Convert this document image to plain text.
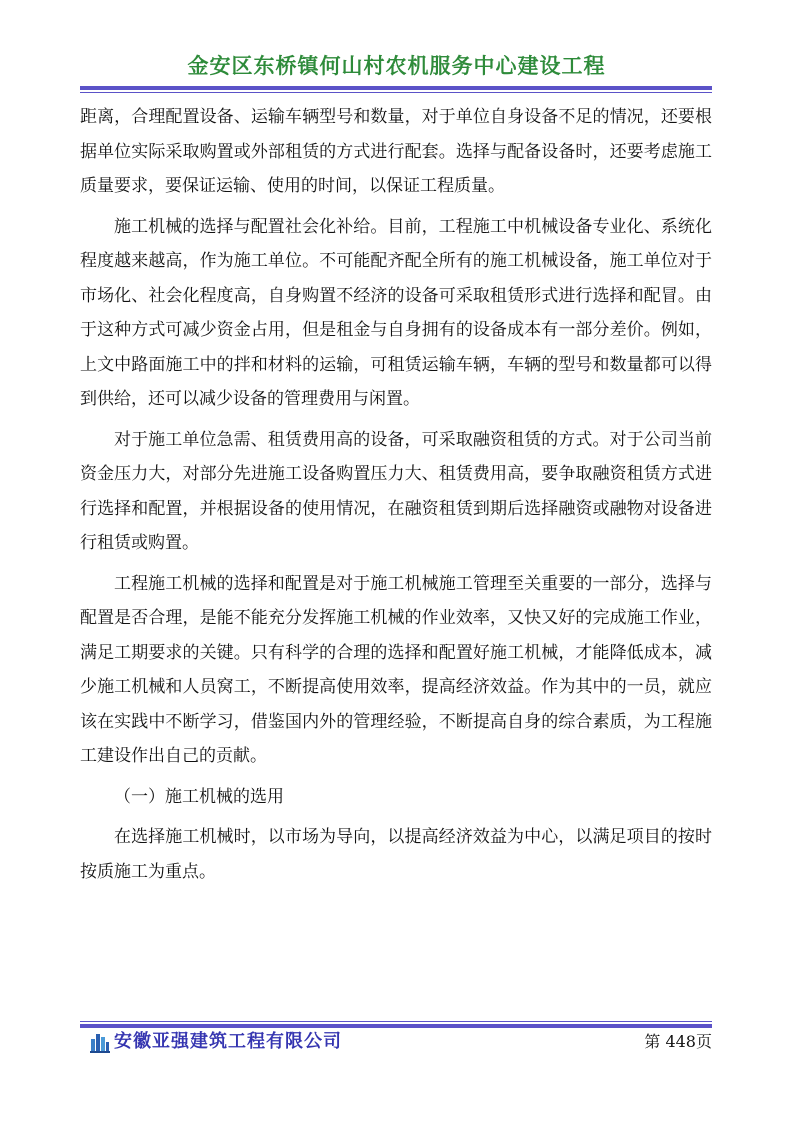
金安区东桥镇何山村农机服务中心建设工程

距离，合理配置设备、运输车辆型号和数量，对于单位自身设备不足的情况，还要根据单位实际采取购置或外部租赁的方式进行配套。选择与配备设备时，还要考虑施工质量要求，要保证运输、使用的时间，以保证工程质量。

施工机械的选择与配置社会化补给。目前，工程施工中机械设备专业化、系统化程度越来越高，作为施工单位。不可能配齐配全所有的施工机械设备，施工单位对于市场化、社会化程度高，自身购置不经济的设备可采取租赁形式进行选择和配冒。由于这种方式可减少资金占用，但是租金与自身拥有的设备成本有一部分差价。例如，上文中路面施工中的拌和材料的运输，可租赁运输车辆，车辆的型号和数量都可以得到供给，还可以减少设备的管理费用与闲置。

对于施工单位急需、租赁费用高的设备，可采取融资租赁的方式。对于公司当前资金压力大，对部分先进施工设备购置压力大、租赁费用高，要争取融资租赁方式进行选择和配置，并根据设备的使用情况，在融资租赁到期后选择融资或融物对设备进行租赁或购置。

工程施工机械的选择和配置是对于施工机械施工管理至关重要的一部分，选择与配置是否合理，是能不能充分发挥施工机械的作业效率，又快又好的完成施工作业，满足工期要求的关键。只有科学的合理的选择和配置好施工机械，才能降低成本，减少施工机械和人员窝工，不断提高使用效率，提高经济效益。作为其中的一员，就应该在实践中不断学习，借鉴国内外的管理经验，不断提高自身的综合素质，为工程施工建设作出自己的贡献。

（一）施工机械的选用

在选择施工机械时，以市场为导向，以提高经济效益为中心，以满足项目的按时按质施工为重点。

安徽亚强建筑工程有限公司	第 448页
